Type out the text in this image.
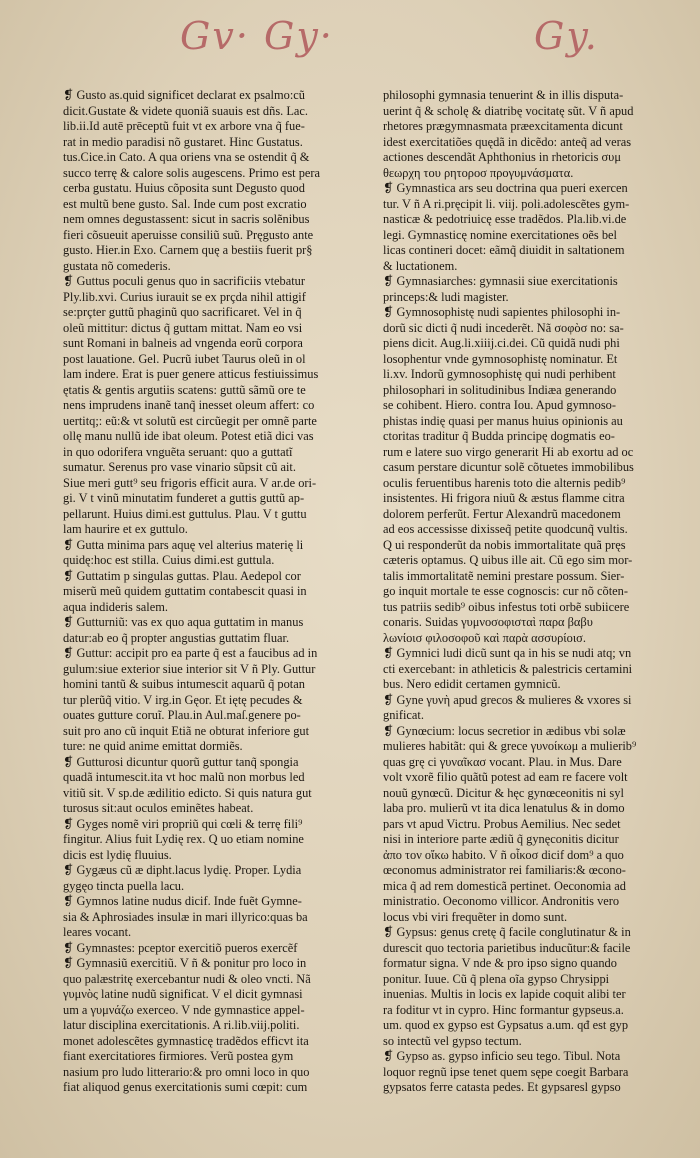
Gv· Gy·	Gy.
❡ Gusto as.quid significet declarat ex psalmo:cũ
dicit.Gustate & videte quoniã suauis est dñs. Lac.
lib.ii.Id autē prēceptũ fuit vt ex arbore vna q̃ fue-
rat in medio paradisi nõ gustaret. Hinc Gustatus.
tus.Cice.in Cato. A qua oriens vna se ostendit q̃ &
succo terrę & calore solis augescens. Primo est pera
cerba gustatu. Huius cõposita sunt Degusto quod
est multũ bene gusto. Sal. Inde cum post excratio
nem omnes degustassent: sicut in sacris solẽnibus
fieri cõsueuit aperuisse consiliũ suũ. Pręgusto ante
gusto. Hier.in Exo. Carnem quę a bestiis fuerit pr§
gustata nõ comederis.
❡ Guttus poculi genus quo in sacrificiis vtebatur
Ply.lib.xvi. Curius iurauit se ex prçda nihil attigif
se:prçter guttũ phaginũ quo sacrificaret. Vel in q̃
oleũ mittitur: dictus q̃ guttam mittat. Nam eo vsi
sunt Romani in balneis ad vngenda eorũ corpora
post lauatione. Gel. Pucrũ iubet Taurus oleũ in ol
lam indere. Erat is puer genere atticus festiuissimus
ętatis & gentis argutiis scatens: guttũ sãmũ ore te
nens imprudens inanẽ tanq̃ inesset oleum affert: co
uertitq;: eũ:& vt solutũ est circũegit per omnẽ parte
ollę manu nullũ ide ibat oleum. Potest etiã dici vas
in quo odorifera vnguẽta seruant: quo a guttatĩ
sumatur. Serenus pro vase vinario sũpsit cũ ait.
Siue meri gutt⁹ seu frigoris efficit aura. V ar.de ori-
gi. V t vinũ minutatim funderet a guttis guttũ ap-
pellarunt. Huius dimi.est guttulus. Plau. V t guttu
lam haurire et ex guttulo.
❡ Gutta minima pars aquę vel alterius materię li
quidę:hoc est stilla. Cuius dimi.est guttula.
❡ Guttatim p singulas guttas. Plau. Aedepol cor
miserũ meũ quidem guttatim contabescit quasi in
aqua indideris salem.
❡ Gutturniũ: vas ex quo aqua guttatim in manus
datur:ab eo q̃ propter angustias guttatim fluar.
❡ Guttur: accipit pro ea parte q̃ est a faucibus ad in
gulum:siue exterior siue interior sit V ñ Ply. Guttur
homini tantũ & suibus intumescit aquarũ q̃ potan
tur plerũq̃ vitio. V irg.in Gęor. Et iętę pecudes &
ouates gutture coruĩ. Plau.in Aul.maſ.genere po-
suit pro ano cũ inquit Etiã ne obturat inferiore gut
ture: ne quid anime emittat dormiẽs.
❡ Gutturosi dicuntur quorũ guttur tanq̃ spongia
quadã intumescit.ita vt hoc malũ non morbus led
vitiũ sit. V sp.de ædilitio edicto. Si quis natura gut
turosus sit:aut oculos eminẽtes habeat.
❡ Gyges nomẽ viri propriũ qui cœli & terrę fili⁹
fingitur. Alius fuit Lydię rex. Q uo etiam nomine
dicis est lydię fluuius.
❡ Gygæus cũ æ dipht.lacus lydię. Proper. Lydia
gygęo tincta puella lacu.
❡ Gymnos latine nudus dicif. Inde fuẽt Gymne-
sia & Aphrosiades insulæ in mari illyrico:quas ba
leares vocant.
❡ Gymnastes: pceptor exercitiõ pueros exercẽf
❡ Gymnasiũ exercitiũ. V ñ & ponitur pro loco in
quo palæstritę exercebantur nudi & oleo vncti. Nã
γυμνὸς latine nudũ significat. V el dicit gymnasi
um a γυμνάζω exerceo. V nde gymnastice appel-
latur disciplina exercitationis. A ri.lib.viij.politi.
monet adolescẽtes gymnasticę tradẽdos efficvt ita
fiant exercitatiores firmiores. Verũ postea gym
nasium pro ludo litterario:& pro omni loco in quo
fiat aliquod genus exercitationis sumi cœpit: cum
philosophi gymnasia tenuerint & in illis disputa-
uerint q̃ & scholę & diatribę vocitatę sũt. V ñ apud
rhetores prægymnasmata præexcitamenta dicunt
idest exercitatiões quędã in dicẽdo: anteq̃ ad veras
actiones descendãt Aphthonius in rhetoricis συμ
θεωρχη του ρητοροσ προγυμνάσματα.
❡ Gymnastica ars seu doctrina qua pueri exercen
tur. V ñ A ri.pręcipit li. viij. poli.adolescẽtes gym-
nasticæ & pedotriuicę esse tradẽdos. Pla.lib.vi.de
legi. Gymnasticę nomine exercitationes oẽs bel
licas contineri docet: eãmq̃ diuidit in saltationem
& luctationem.
❡ Gymnasiarches: gymnasii siue exercitationis
princeps:& ludi magister.
❡ Gymnosophistę nudi sapientes philosophi in-
dorũ sic dicti q̃ nudi incederẽt. Nã σοφὸσ no: sa-
piens dicit. Aug.li.xiiij.ci.dei. Cũ quidã nudi phi
losophentur vnde gymnosophistę nominatur. Et
li.xv. Indorũ gymnosophistę qui nudi perhibent
philosophari in solitudinibus Indiæa generando
se cohibent. Hiero. contra Iou. Apud gymnoso-
phistas indię quasi per manus huius opinionis au
ctoritas traditur q̃ Budda principę dogmatis eo-
rum e latere suo virgo generarit Hi ab exortu ad oc
casum perstare dicuntur solẽ cõtuetes immobilibus
oculis feruentibus harenis toto die alternis pedib⁹
insistentes. Hi frigora niuũ & æstus flamme citra
dolorem perferũt. Fertur Alexandrũ macedonem
ad eos accessisse dixisseq̃ petite quodcunq̃ vultis.
Q ui responderũt da nobis immortalitate quã pręs
cæteris optamus. Q uibus ille ait. Cũ ego sim mor-
talis immortalitatẽ nemini prestare possum. Sier-
go inquit mortale te esse cognoscis: cur nõ cõten-
tus patriis sedib⁹ oibus infestus toti orbẽ subiicere
conaris. Suidas γυμνοσοφισταὶ παρα βαβυ
λωνίοισ φιλοσοφοῦ καὶ παρὰ ασσυρίοισ.
❡ Gymnici ludi dicũ sunt qa in his se nudi atq; vn
cti exercebant: in athleticis & palestricis certamini
bus. Nero edidit certamen gymnicũ.
❡ Gyne γυνὴ apud grecos & mulieres & vxores si
gnificat.
❡ Gynœcium: locus secretior in ædibus vbi solæ
mulieres habitãt: qui & grece γυνοίκωμ a mulierib⁹
quas grę ci γυναῖκασ vocant. Plau. in Mus. Dare
volt vxorẽ filio quãtũ potest ad eam re facere volt
nouũ gynœcũ. Dicitur & hęc gynœceonitis ni syl
laba pro. mulierũ vt ita dica lenatulus & in domo
pars vt apud Victru. Probus Aemilius. Nec sedet
nisi in interiore parte ædiũ q̃ gynęconitis dicitur
ἀπο τον οἴκω habito. V ñ οἶκοσ dicif dom⁹ a quo
œconomus administrator rei familiaris:& œcono-
mica q̃ ad rem domesticã pertinet. Oeconomia ad
ministratio. Oeconomo villicor. Andronitis vero
locus vbi viri frequẽter in domo sunt.
❡ Gypsus: genus cretę q̃ facile conglutinatur & in
durescit quo tectoria parietibus inducũtur:& facile
formatur signa. V nde & pro ipso signo quando
ponitur. Iuue. Cũ q̃ plena oĩa gypso Chrysippi
inuenias. Multis in locis ex lapide coquit alibi ter
ra foditur vt in cypro. Hinc formantur gypseus.a.
um. quod ex gypso est Gypsatus a.um. qđ est gyp
so intectũ vel gypso tectum.
❡ Gypso as. gypso inficio seu tego. Tibul. Nota
loquor regnũ ipse tenet quem sępe coegit Barbara
gypsatos ferre catasta pedes. Et gypsaresl gypso
